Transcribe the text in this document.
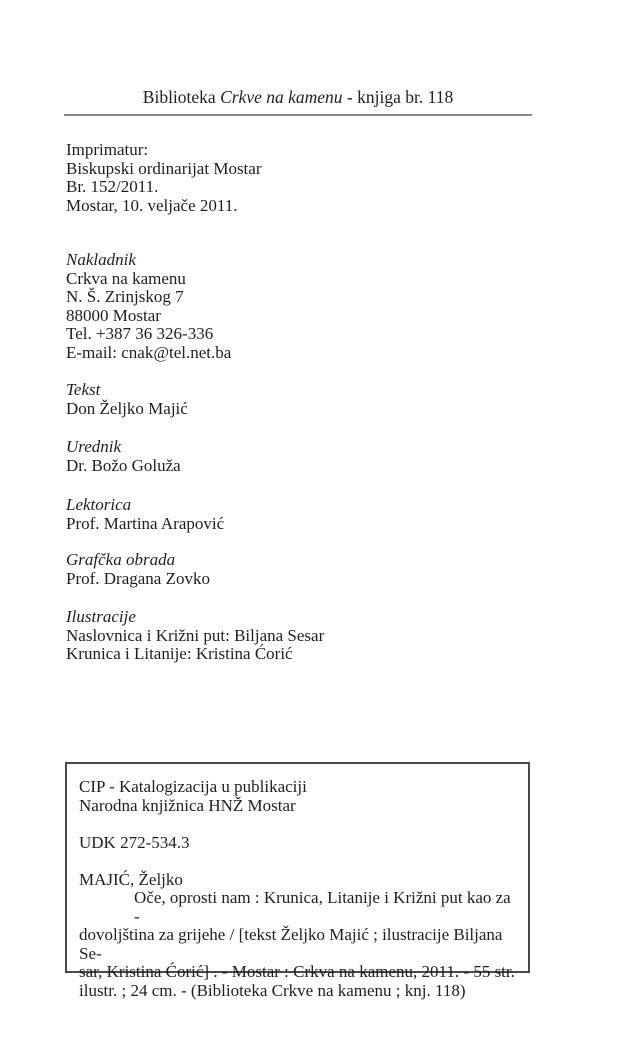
Biblioteka Crkve na kamenu - knjiga br. 118
Imprimatur:
Biskupski ordinarijat Mostar
Br. 152/2011.
Mostar, 10. veljače 2011.
Nakladnik
Crkva na kamenu
N. Š. Zrinjskog 7
88000 Mostar
Tel. +387 36 326-336
E-mail: cnak@tel.net.ba
Tekst
Don Željko Majić
Urednik
Dr. Božo Goluža
Lektorica
Prof. Martina Arapović
Grafčka obrada
Prof. Dragana Zovko
Ilustracije
Naslovnica i Križni put: Biljana Sesar
Krunica i Litanije: Kristina Ćorić
CIP - Katalogizacija u publikaciji
Narodna knjižnica HNŽ Mostar
UDK 272-534.3
MAJIĆ, Željko
Oče, oprosti nam : Krunica, Litanije i Križni put kao za -
dovoljština za grijehe / [tekst Željko Majić ; ilustracije Biljana Se-
sar, Kristina Ćorić] . - Mostar : Crkva na kamenu, 2011. - 55 str.
ilustr. ; 24 cm. - (Biblioteka Crkve na kamenu ; knj. 118)
